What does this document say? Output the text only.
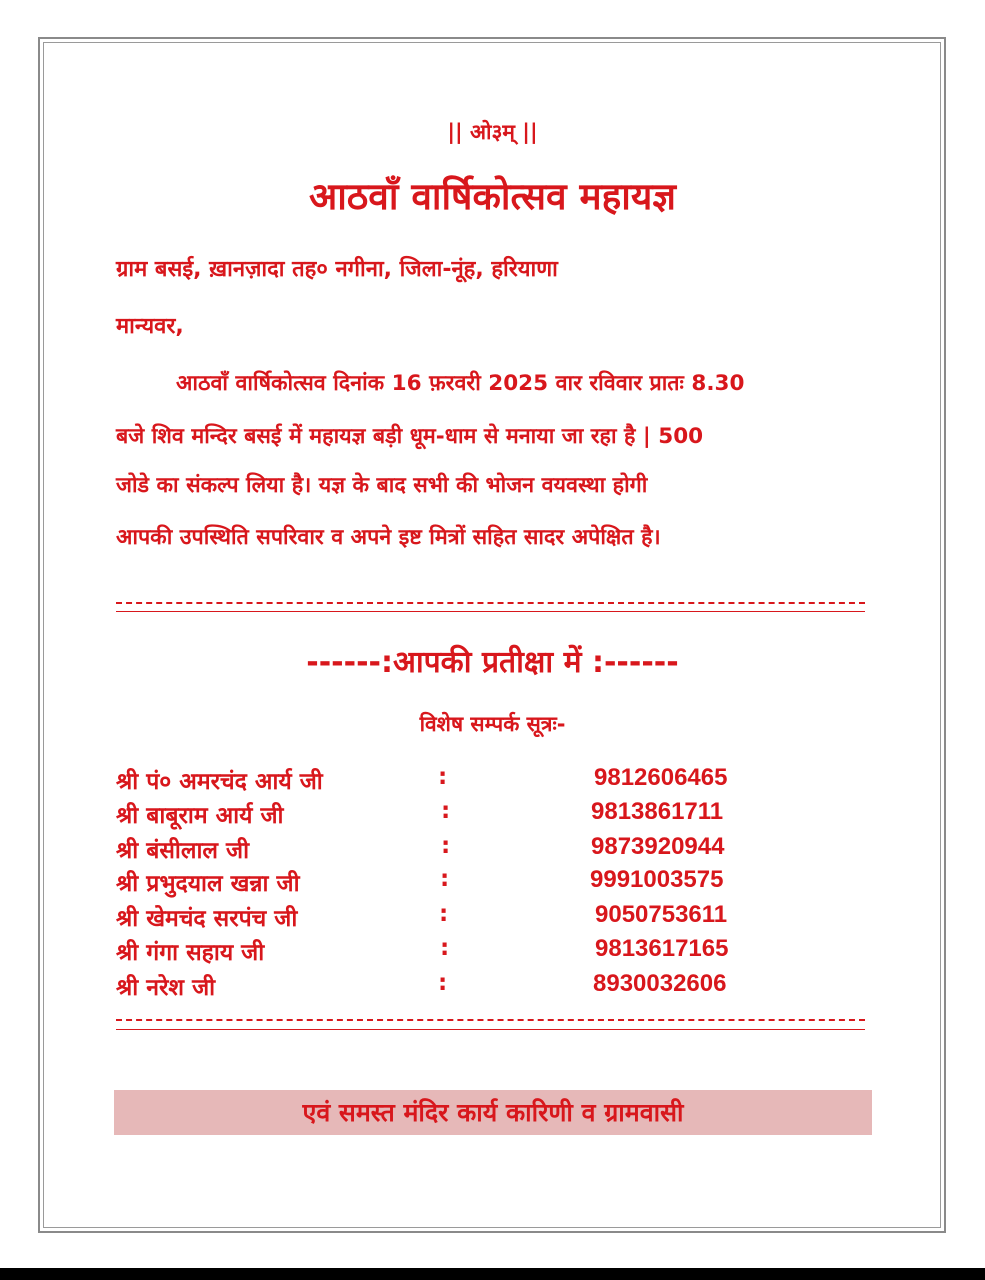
|| ओ३म् ||
आठवाँ वार्षिकोत्सव महायज्ञ
ग्राम बसई, ख़ानज़ादा तह० नगीना, जिला-नूंह, हरियाणा
मान्यवर,
आठवाँ वार्षिकोत्सव दिनांक 16 फ़रवरी 2025 वार रविवार प्रातः 8.30
बजे शिव मन्दिर बसई में महायज्ञ बड़ी धूम-धाम से मनाया जा रहा है | 500
जोडे का संकल्प लिया है। यज्ञ के बाद सभी की भोजन वयवस्था होगी
आपकी उपस्थिति सपरिवार व अपने इष्ट मित्रों सहित सादर अपेक्षित है।
------:आपकी प्रतीक्षा में :------
विशेष सम्पर्क सूत्रः-
श्री पं० अमरचंद आर्य जी	:	9812606465
श्री बाबूराम आर्य जी	:	9813861711
श्री बंसीलाल जी	:	9873920944
श्री प्रभुदयाल खन्ना जी	:	9991003575
श्री खेमचंद सरपंच जी	:	9050753611
श्री गंगा सहाय जी	:	9813617165
श्री नरेश जी	:	8930032606
एवं समस्त मंदिर कार्य कारिणी व ग्रामवासी
